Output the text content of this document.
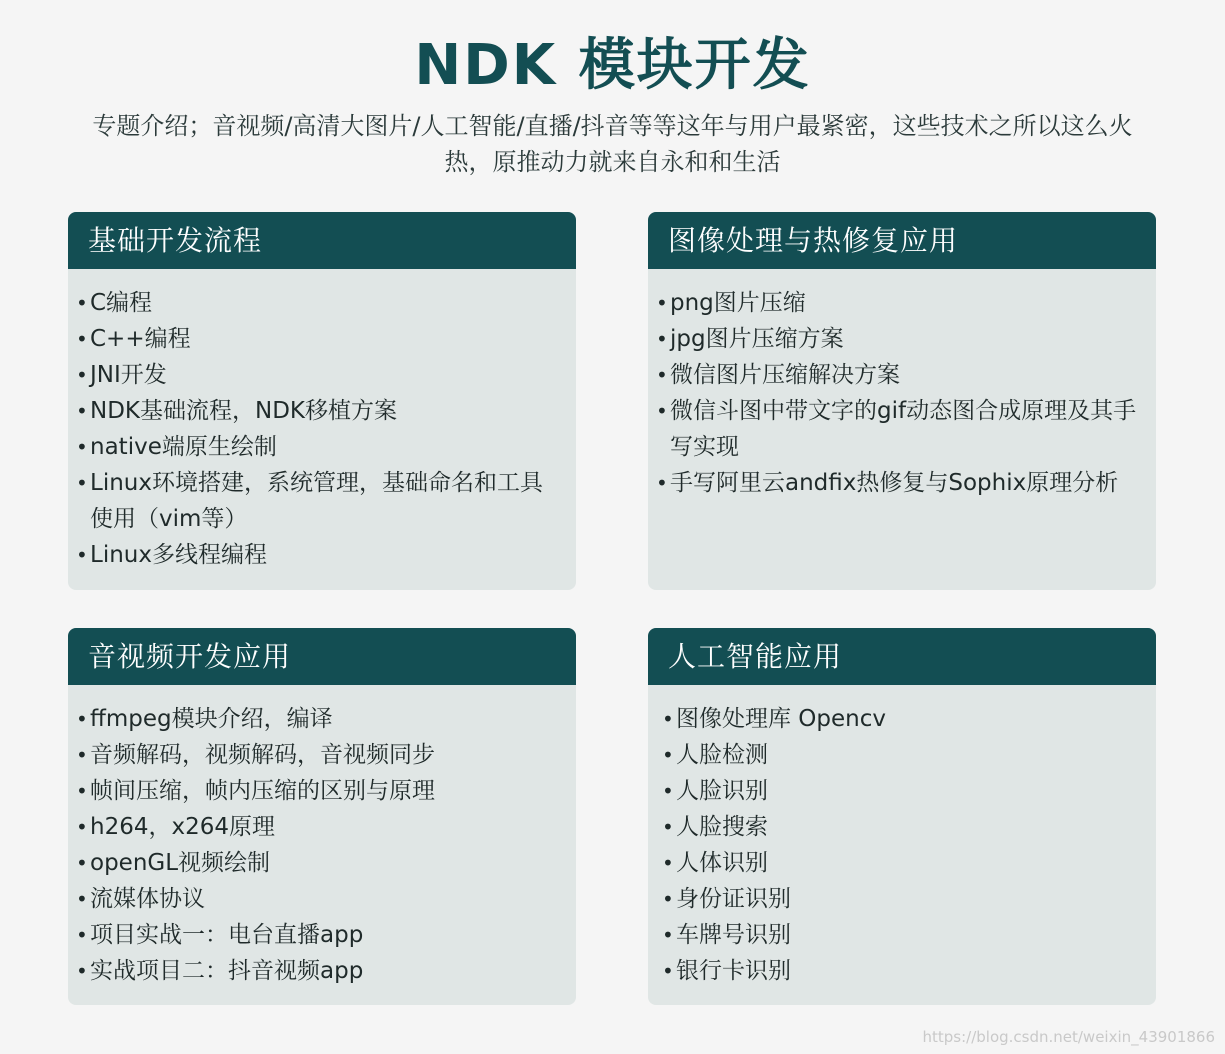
NDK 模块开发
专题介绍；音视频/高清大图片/人工智能/直播/抖音等等这年与用户最紧密，这些技术之所以这么火热，原推动力就来自永和和生活
基础开发流程
• C编程
• C++编程
• JNI开发
• NDK基础流程，NDK移植方案
• native端原生绘制
• Linux环境搭建，系统管理，基础命名和工具使用（vim等）
• Linux多线程编程
图像处理与热修复应用
• png图片压缩
• jpg图片压缩方案
• 微信图片压缩解决方案
• 微信斗图中带文字的gif动态图合成原理及其手写实现
• 手写阿里云andfix热修复与Sophix原理分析
音视频开发应用
• ffmpeg模块介绍，编译
• 音频解码，视频解码，音视频同步
• 帧间压缩，帧内压缩的区别与原理
• h264，x264原理
• openGL视频绘制
• 流媒体协议
• 项目实战一：电台直播app
• 实战项目二：抖音视频app
人工智能应用
• 图像处理库 Opencv
• 人脸检测
• 人脸识别
• 人脸搜索
• 人体识别
• 身份证识别
• 车牌号识别
• 银行卡识别
https://blog.csdn.net/weixin_43901866
